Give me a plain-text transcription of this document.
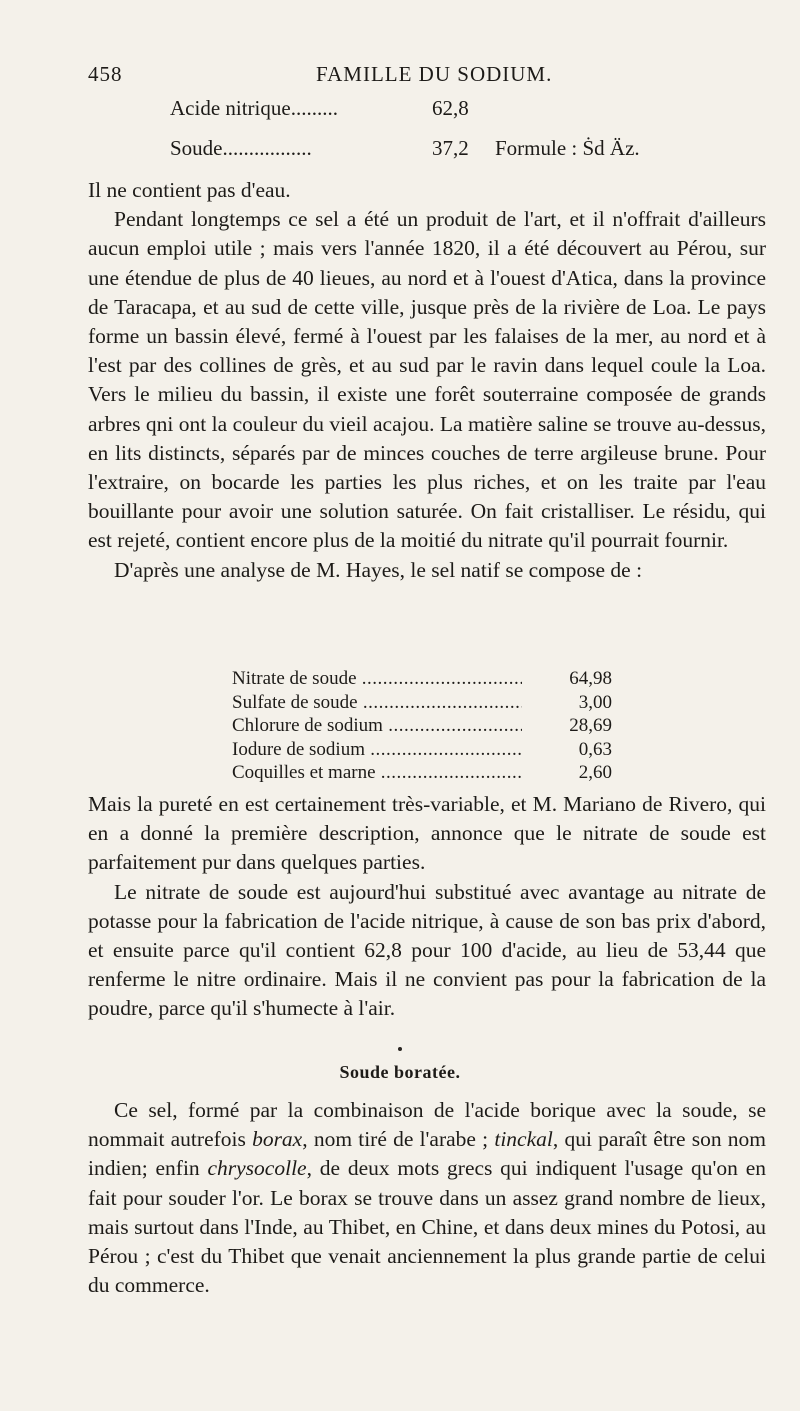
458	FAMILLE DU SODIUM.
Acide nitrique.........	62,8
Soude.................	37,2 Formule : Ṡd Äz.

Il ne contient pas d'eau.

Pendant longtemps ce sel a été un produit de l'art, et il n'offrait d'ailleurs aucun emploi utile ; mais vers l'année 1820, il a été découvert au Pérou, sur une étendue de plus de 40 lieues, au nord et à l'ouest d'Atica, dans la province de Taracapa, et au sud de cette ville, jusque près de la rivière de Loa. Le pays forme un bassin élevé, fermé à l'ouest par les falaises de la mer, au nord et à l'est par des collines de grès, et au sud par le ravin dans lequel coule la Loa. Vers le milieu du bassin, il existe une forêt souterraine composée de grands arbres qni ont la couleur du vieil acajou. La matière saline se trouve au-dessus, en lits distincts, séparés par de minces couches de terre argileuse brune. Pour l'extraire, on bocarde les parties les plus riches, et on les traite par l'eau bouillante pour avoir une solution saturée. On fait cristalliser. Le résidu, qui est rejeté, contient encore plus de la moitié du nitrate qu'il pourrait fournir.

D'après une analyse de M. Hayes, le sel natif se compose de :

Nitrate de soude .....	64,98
Sulfate de soude .....	3,00
Chlorure de sodium .....	28,69
Iodure de sodium .....	0,63
Coquilles et marne .....	2,60

Mais la pureté en est certainement très-variable, et M. Mariano de Rivero, qui en a donné la première description, annonce que le nitrate de soude est parfaitement pur dans quelques parties.

Le nitrate de soude est aujourd'hui substitué avec avantage au nitrate de potasse pour la fabrication de l'acide nitrique, à cause de son bas prix d'abord, et ensuite parce qu'il contient 62,8 pour 100 d'acide, au lieu de 53,44 que renferme le nitre ordinaire. Mais il ne convient pas pour la fabrication de la poudre, parce qu'il s'humecte à l'air.

Soude boratée.

Ce sel, formé par la combinaison de l'acide borique avec la soude, se nommait autrefois borax, nom tiré de l'arabe ; tinckal, qui paraît être son nom indien; enfin chrysocolle, de deux mots grecs qui indiquent l'usage qu'on en fait pour souder l'or. Le borax se trouve dans un assez grand nombre de lieux, mais surtout dans l'Inde, au Thibet, en Chine, et dans deux mines du Potosi, au Pérou ; c'est du Thibet que venait anciennement la plus grande partie de celui du commerce.
